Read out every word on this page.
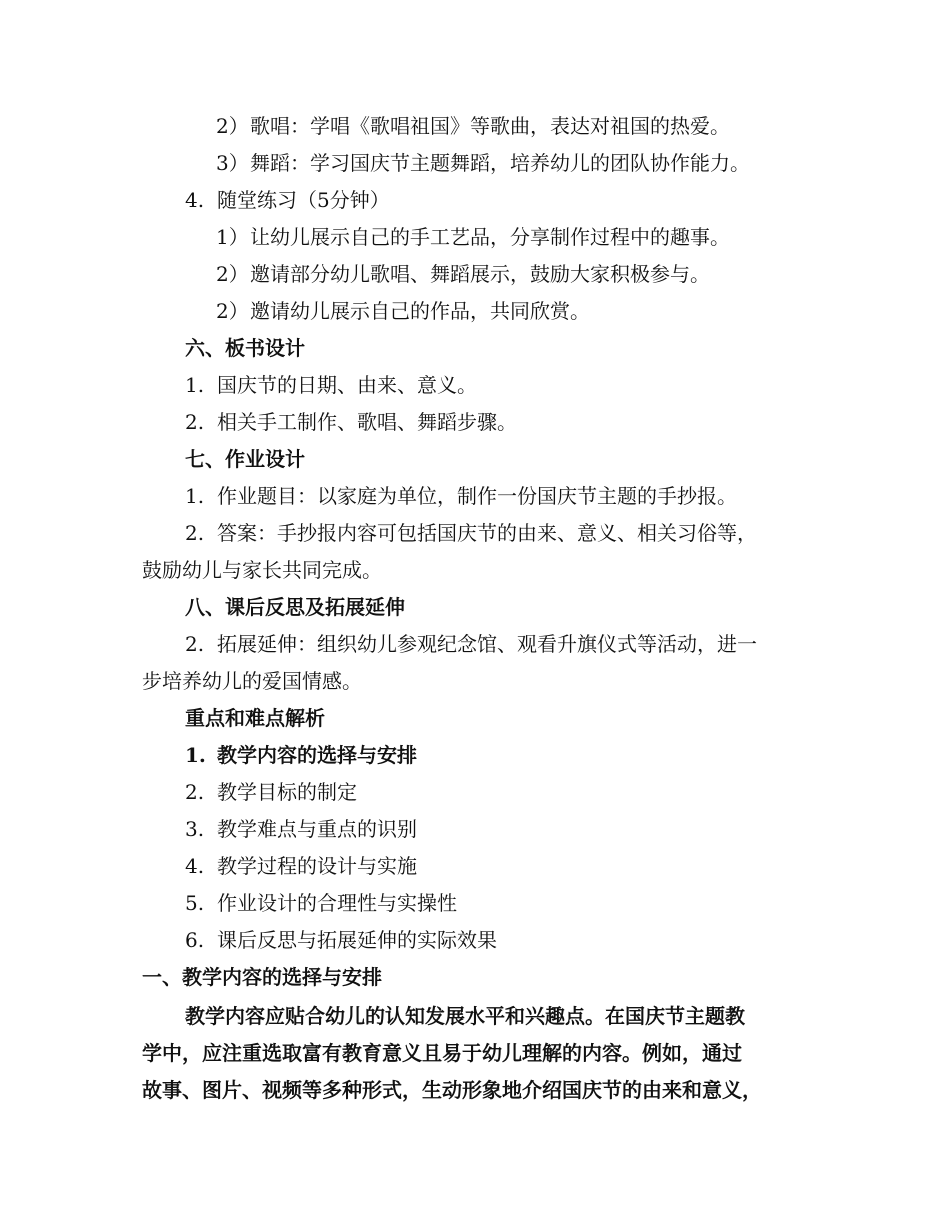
2）歌唱：学唱《歌唱祖国》等歌曲，表达对祖国的热爱。
3）舞蹈：学习国庆节主题舞蹈，培养幼儿的团队协作能力。
4. 随堂练习（5分钟）
1）让幼儿展示自己的手工艺品，分享制作过程中的趣事。
2）邀请部分幼儿歌唱、舞蹈展示，鼓励大家积极参与。
2）邀请幼儿展示自己的作品，共同欣赏。
六、板书设计
1. 国庆节的日期、由来、意义。
2. 相关手工制作、歌唱、舞蹈步骤。
七、作业设计
1. 作业题目：以家庭为单位，制作一份国庆节主题的手抄报。
2. 答案：手抄报内容可包括国庆节的由来、意义、相关习俗等，
鼓励幼儿与家长共同完成。
八、课后反思及拓展延伸
2. 拓展延伸：组织幼儿参观纪念馆、观看升旗仪式等活动，进一
步培养幼儿的爱国情感。
重点和难点解析
1. 教学内容的选择与安排
2. 教学目标的制定
3. 教学难点与重点的识别
4. 教学过程的设计与实施
5. 作业设计的合理性与实操性
6. 课后反思与拓展延伸的实际效果
一、教学内容的选择与安排
教学内容应贴合幼儿的认知发展水平和兴趣点。在国庆节主题教
学中，应注重选取富有教育意义且易于幼儿理解的内容。例如，通过
故事、图片、视频等多种形式，生动形象地介绍国庆节的由来和意义，
